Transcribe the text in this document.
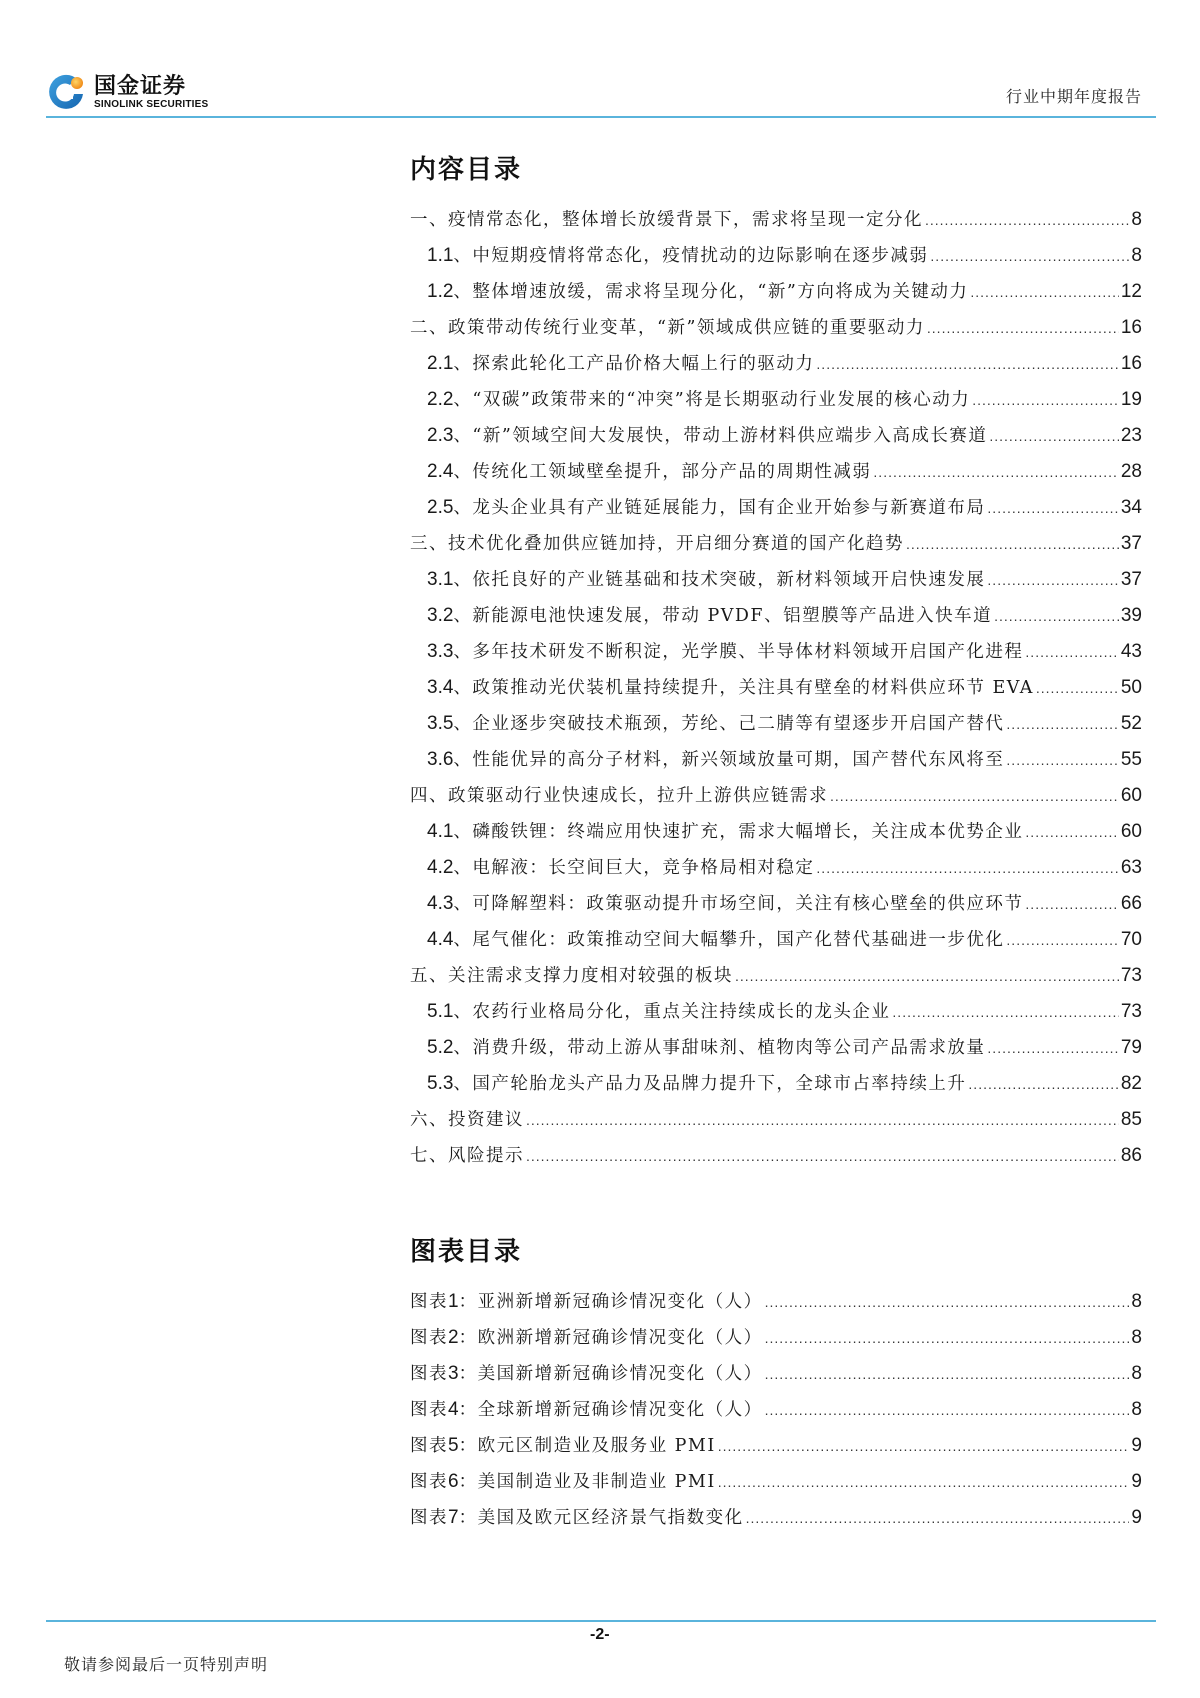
国金证券
SINOLINK SECURITIES	行业中期年度报告
内容目录
一、疫情常态化，整体增长放缓背景下，需求将呈现一定分化 .....	8
1.1、中短期疫情将常态化，疫情扰动的边际影响在逐步减弱 .....	8
1.2、整体增速放缓，需求将呈现分化，“新”方向将成为关键动力 .....	12
二、政策带动传统行业变革，“新”领域成供应链的重要驱动力 .....	16
2.1、探索此轮化工产品价格大幅上行的驱动力 .....	16
2.2、“双碳”政策带来的“冲突”将是长期驱动行业发展的核心动力 .....	19
2.3、“新”领域空间大发展快，带动上游材料供应端步入高成长赛道 .....	23
2.4、传统化工领域壁垒提升，部分产品的周期性减弱 .....	28
2.5、龙头企业具有产业链延展能力，国有企业开始参与新赛道布局 .....	34
三、技术优化叠加供应链加持，开启细分赛道的国产化趋势 .....	37
3.1、依托良好的产业链基础和技术突破，新材料领域开启快速发展 .....	37
3.2、新能源电池快速发展，带动 PVDF、铝塑膜等产品进入快车道 .....	39
3.3、多年技术研发不断积淀，光学膜、半导体材料领域开启国产化进程 .....	43
3.4、政策推动光伏装机量持续提升，关注具有壁垒的材料供应环节 EVA .....	50
3.5、企业逐步突破技术瓶颈，芳纶、己二腈等有望逐步开启国产替代 .....	52
3.6、性能优异的高分子材料，新兴领域放量可期，国产替代东风将至 .....	55
四、政策驱动行业快速成长，拉升上游供应链需求 .....	60
4.1、磷酸铁锂：终端应用快速扩充，需求大幅增长，关注成本优势企业 .....	60
4.2、电解液：长空间巨大，竞争格局相对稳定 .....	63
4.3、可降解塑料：政策驱动提升市场空间，关注有核心壁垒的供应环节 .....	66
4.4、尾气催化：政策推动空间大幅攀升，国产化替代基础进一步优化 .....	70
五、关注需求支撑力度相对较强的板块 .....	73
5.1、农药行业格局分化，重点关注持续成长的龙头企业 .....	73
5.2、消费升级，带动上游从事甜味剂、植物肉等公司产品需求放量 .....	79
5.3、国产轮胎龙头产品力及品牌力提升下，全球市占率持续上升 .....	82
六、投资建议 .....	85
七、风险提示 .....	86
图表目录
图表1：亚洲新增新冠确诊情况变化（人） .....	8
图表2：欧洲新增新冠确诊情况变化（人） .....	8
图表3：美国新增新冠确诊情况变化（人） .....	8
图表4：全球新增新冠确诊情况变化（人） .....	8
图表5：欧元区制造业及服务业 PMI .....	9
图表6：美国制造业及非制造业 PMI .....	9
图表7：美国及欧元区经济景气指数变化 .....	9
-2-
敬请参阅最后一页特别声明
